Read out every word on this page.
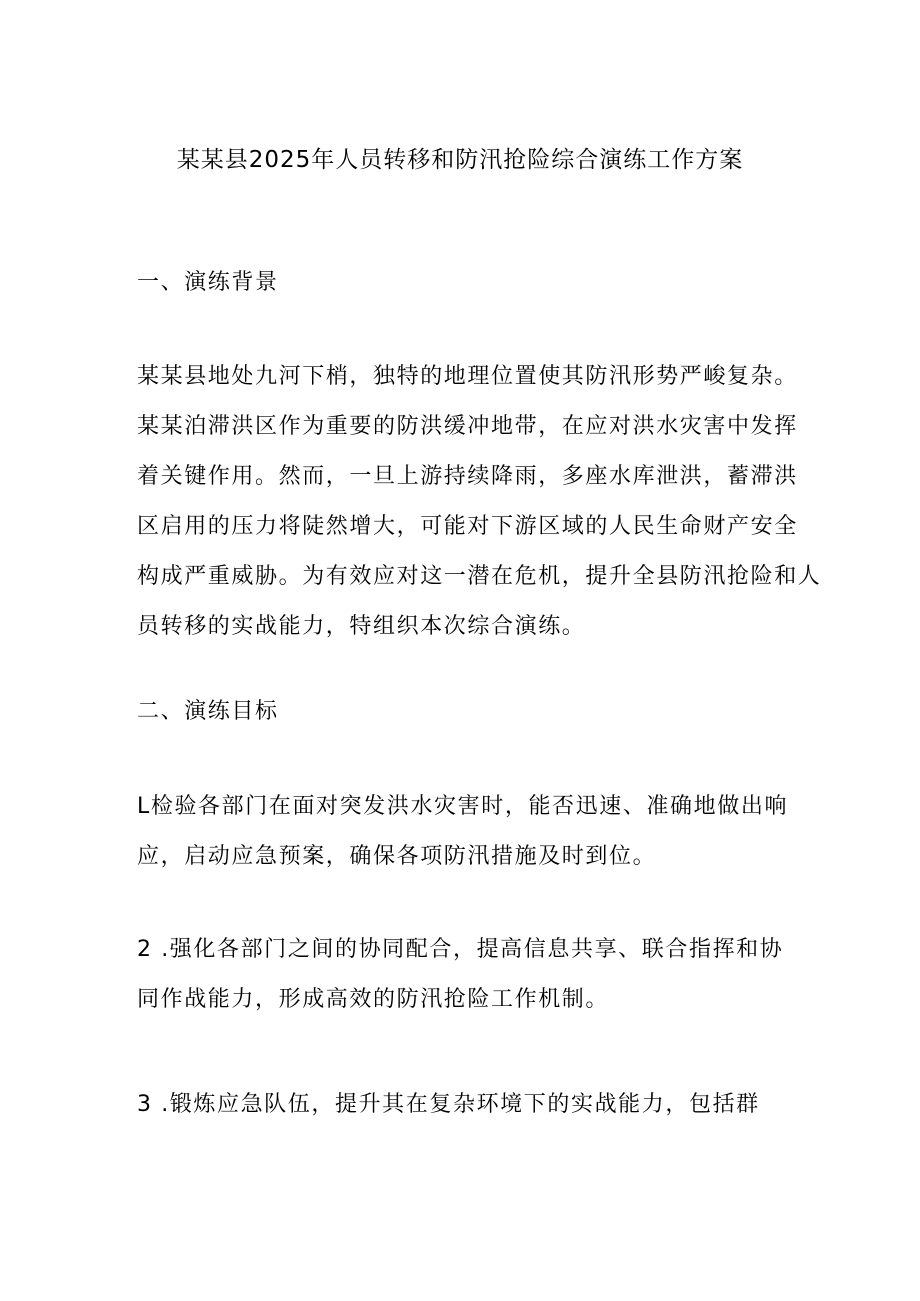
某某县2025年人员转移和防汛抢险综合演练工作方案
一、演练背景
某某县地处九河下梢，独特的地理位置使其防汛形势严峻复杂。
某某泊滞洪区作为重要的防洪缓冲地带，在应对洪水灾害中发挥
着关键作用。然而，一旦上游持续降雨，多座水库泄洪，蓄滞洪
区启用的压力将陡然增大，可能对下游区域的人民生命财产安全
构成严重威胁。为有效应对这一潜在危机，提升全县防汛抢险和人
员转移的实战能力，特组织本次综合演练。
二、演练目标
L检验各部门在面对突发洪水灾害时，能否迅速、准确地做出响
应，启动应急预案，确保各项防汛措施及时到位。
2 .强化各部门之间的协同配合，提高信息共享、联合指挥和协
同作战能力，形成高效的防汛抢险工作机制。
3 .锻炼应急队伍，提升其在复杂环境下的实战能力，包括群
